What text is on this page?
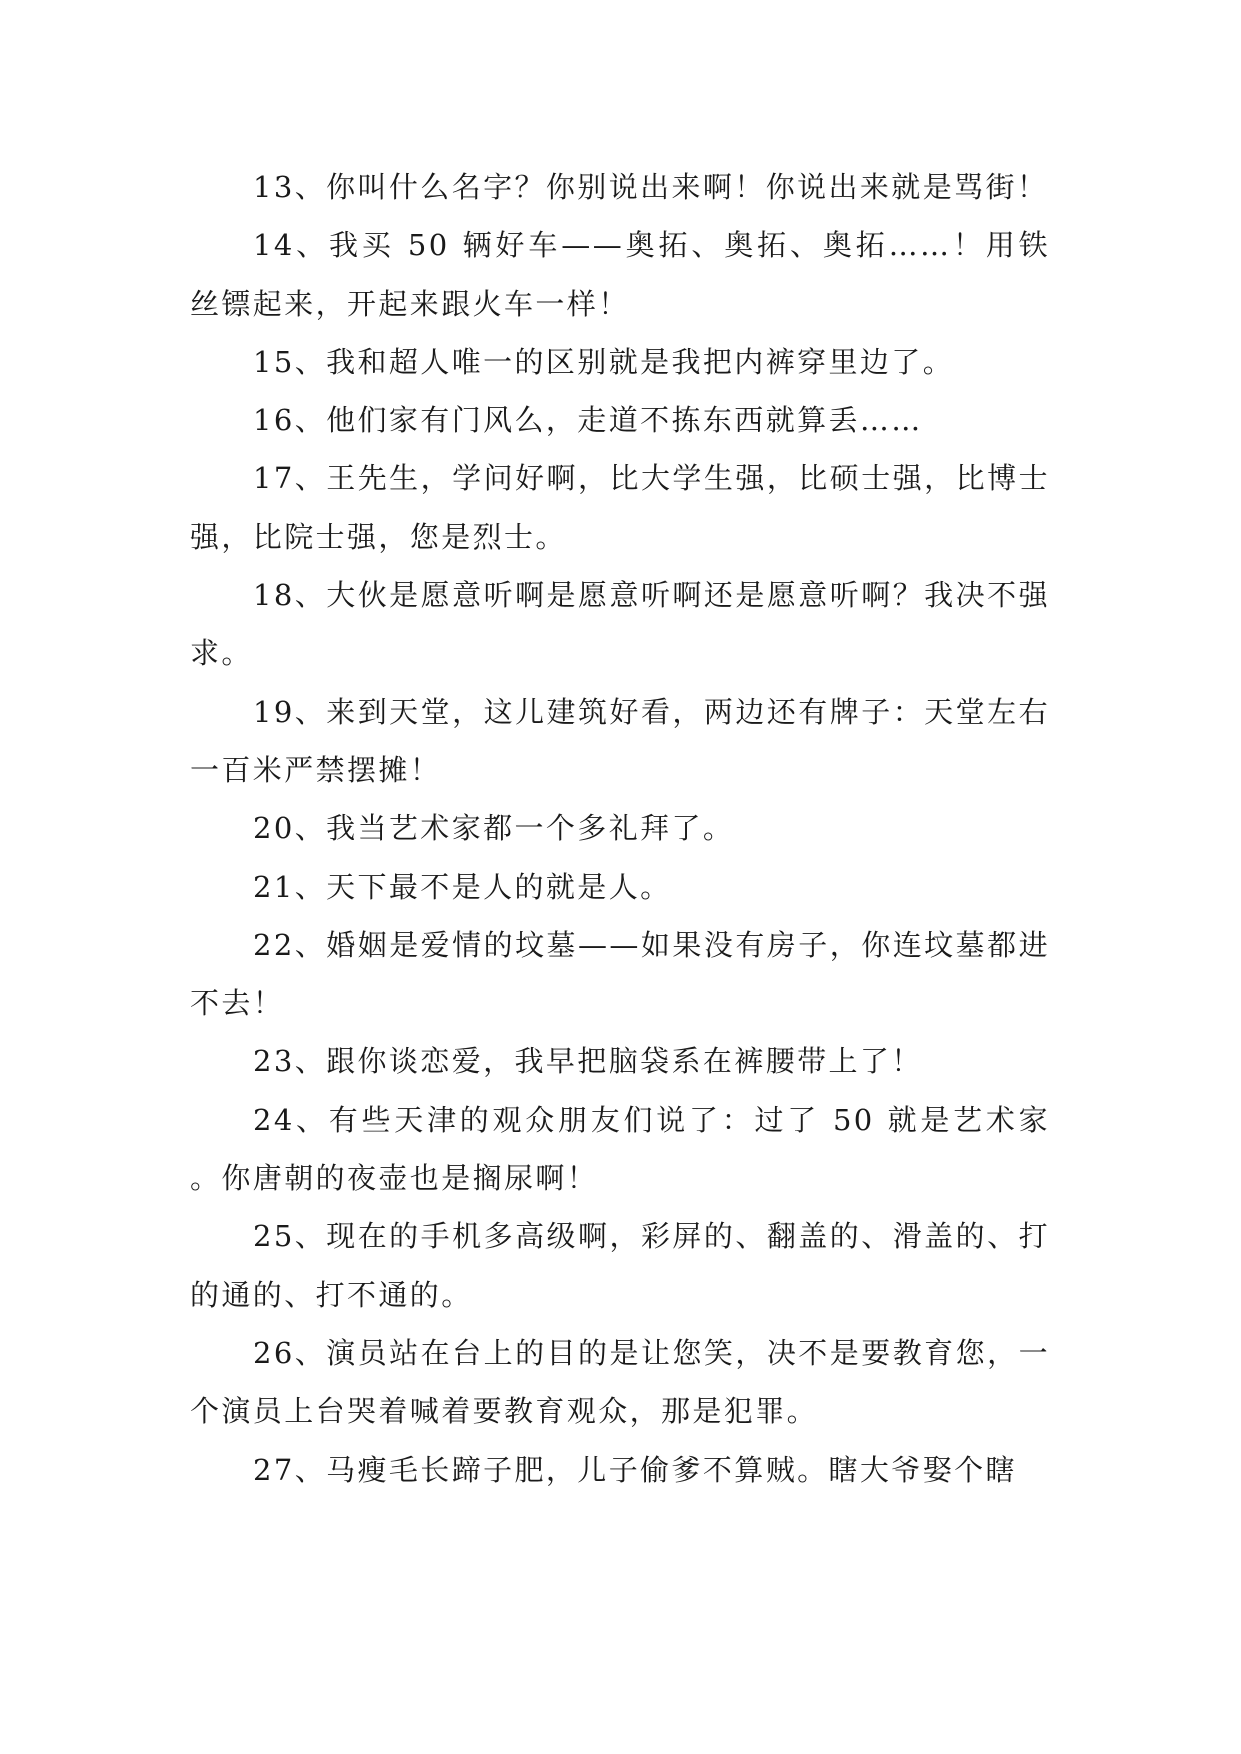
13、你叫什么名字？你别说出来啊！你说出来就是骂街！

14、我买 50 辆好车——奥拓、奥拓、奥拓……！用铁丝镖起来，开起来跟火车一样！

15、我和超人唯一的区别就是我把内裤穿里边了。

16、他们家有门风么，走道不拣东西就算丢……

17、王先生，学问好啊，比大学生强，比硕士强，比博士强，比院士强，您是烈士。

18、大伙是愿意听啊是愿意听啊还是愿意听啊？我决不强求。

19、来到天堂，这儿建筑好看，两边还有牌子：天堂左右一百米严禁摆摊！

20、我当艺术家都一个多礼拜了。

21、天下最不是人的就是人。

22、婚姻是爱情的坟墓——如果没有房子，你连坟墓都进不去！

23、跟你谈恋爱，我早把脑袋系在裤腰带上了！

24、有些天津的观众朋友们说了：过了 50 就是艺术家。你唐朝的夜壶也是搁尿啊！

25、现在的手机多高级啊，彩屏的、翻盖的、滑盖的、打的通的、打不通的。

26、演员站在台上的目的是让您笑，决不是要教育您，一个演员上台哭着喊着要教育观众，那是犯罪。

27、马瘦毛长蹄子肥，儿子偷爹不算贼。瞎大爷娶个瞎
